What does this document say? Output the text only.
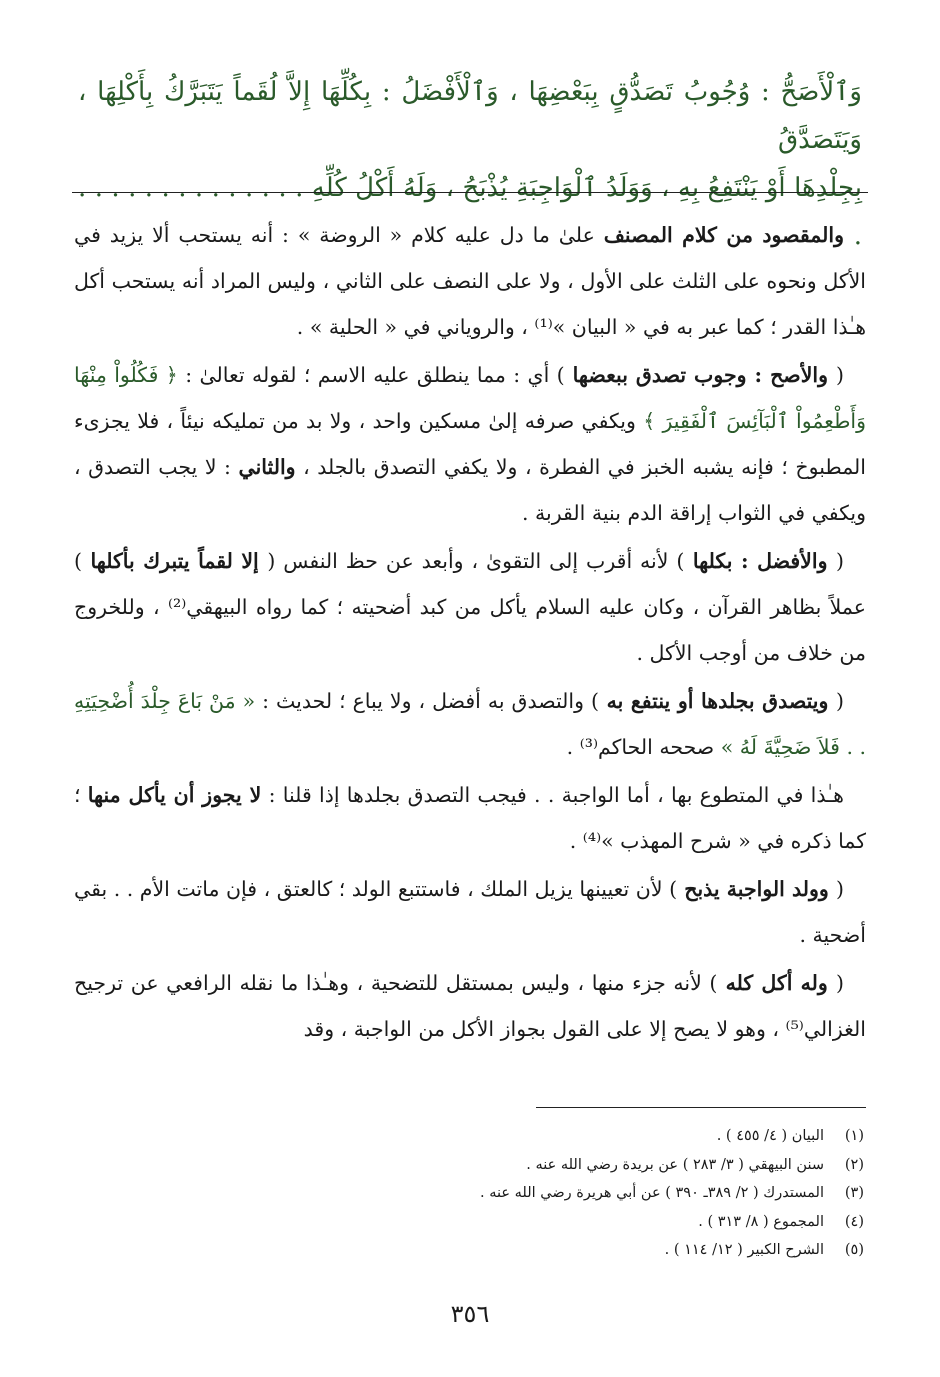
وَٱلْأَصَحُّ : وُجُوبُ تَصَدُّقٍ بِبَعْضِهَا ، وَٱلْأَفْضَلُ : بِكُلِّهَا إِلاَّ لُقَماً يَتَبَرَّكُ بِأَكْلِهَا ، وَيَتَصَدَّقُ

بِجِلْدِهَا أَوْ يَنْتَفِعُ بِهِ ، وَوَلَدُ ٱلْوَاجِبَةِ يُذْبَحُ ، وَلَهُ أَكْلُ كُلِّهِ . . . . . . . . . . . . . . .

والمقصود من كلام المصنف علىٰ ما دل عليه كلام « الروضة » : أنه يستحب ألا يزيد في الأكل ونحوه على الثلث على الأول ، ولا على النصف على الثاني ، وليس المراد أنه يستحب أكل هـٰذا القدر ؛ كما عبر به في « البيان »⁽¹⁾ ، والروياني في « الحلية » .

( والأصح : وجوب تصدق ببعضها ) أي : مما ينطلق عليه الاسم ؛ لقوله تعالىٰ : ﴿ فَكُلُواْ مِنْهَا وَأَطْعِمُواْ ٱلْبَآئِسَ ٱلْفَقِيرَ ﴾ ويكفي صرفه إلىٰ مسكين واحد ، ولا بد من تمليكه نيئاً ، فلا يجزىء المطبوخ ؛ فإنه يشبه الخبز في الفطرة ، ولا يكفي التصدق بالجلد ، والثاني : لا يجب التصدق ، ويكفي في الثواب إراقة الدم بنية القربة .

( والأفضل : بكلها ) لأنه أقرب إلى التقوىٰ ، وأبعد عن حظ النفس ( إلا لقماً يتبرك بأكلها ) عملاً بظاهر القرآن ، وكان عليه السلام يأكل من كبد أضحيته ؛ كما رواه البيهقي⁽²⁾ ، وللخروج من خلاف من أوجب الأكل .

( ويتصدق بجلدها أو ينتفع به ) والتصدق به أفضل ، ولا يباع ؛ لحديث : « مَنْ بَاعَ جِلْدَ أُضْحِيَتِهِ . . فَلاَ ضَحِيَّةَ لَهُ » صححه الحاكم⁽³⁾ .

هـٰذا في المتطوع بها ، أما الواجبة . . فيجب التصدق بجلدها إذا قلنا : لا يجوز أن يأكل منها ؛ كما ذكره في « شرح المهذب »⁽⁴⁾ .

( وولد الواجبة يذبح ) لأن تعيينها يزيل الملك ، فاستتبع الولد ؛ كالعتق ، فإن ماتت الأم . . بقي أضحية .

( وله أكل كله ) لأنه جزء منها ، وليس بمستقل للتضحية ، وهـٰذا ما نقله الرافعي عن ترجيح الغزالي⁽⁵⁾ ، وهو لا يصح إلا على القول بجواز الأكل من الواجبة ، وقد

(١)
البيان ( ٤/ ٤٥٥ ) .
(٢)
سنن البيهقي ( ٣/ ٢٨٣ ) عن بريدة رضي الله عنه .
(٣)
المستدرك ( ٢/ ٣٨٩ـ ٣٩٠ ) عن أبي هريرة رضي الله عنه .
(٤)
المجموع ( ٨/ ٣١٣ ) .
(٥)
الشرح الكبير ( ١٢/ ١١٤ ) .
٣٥٦
